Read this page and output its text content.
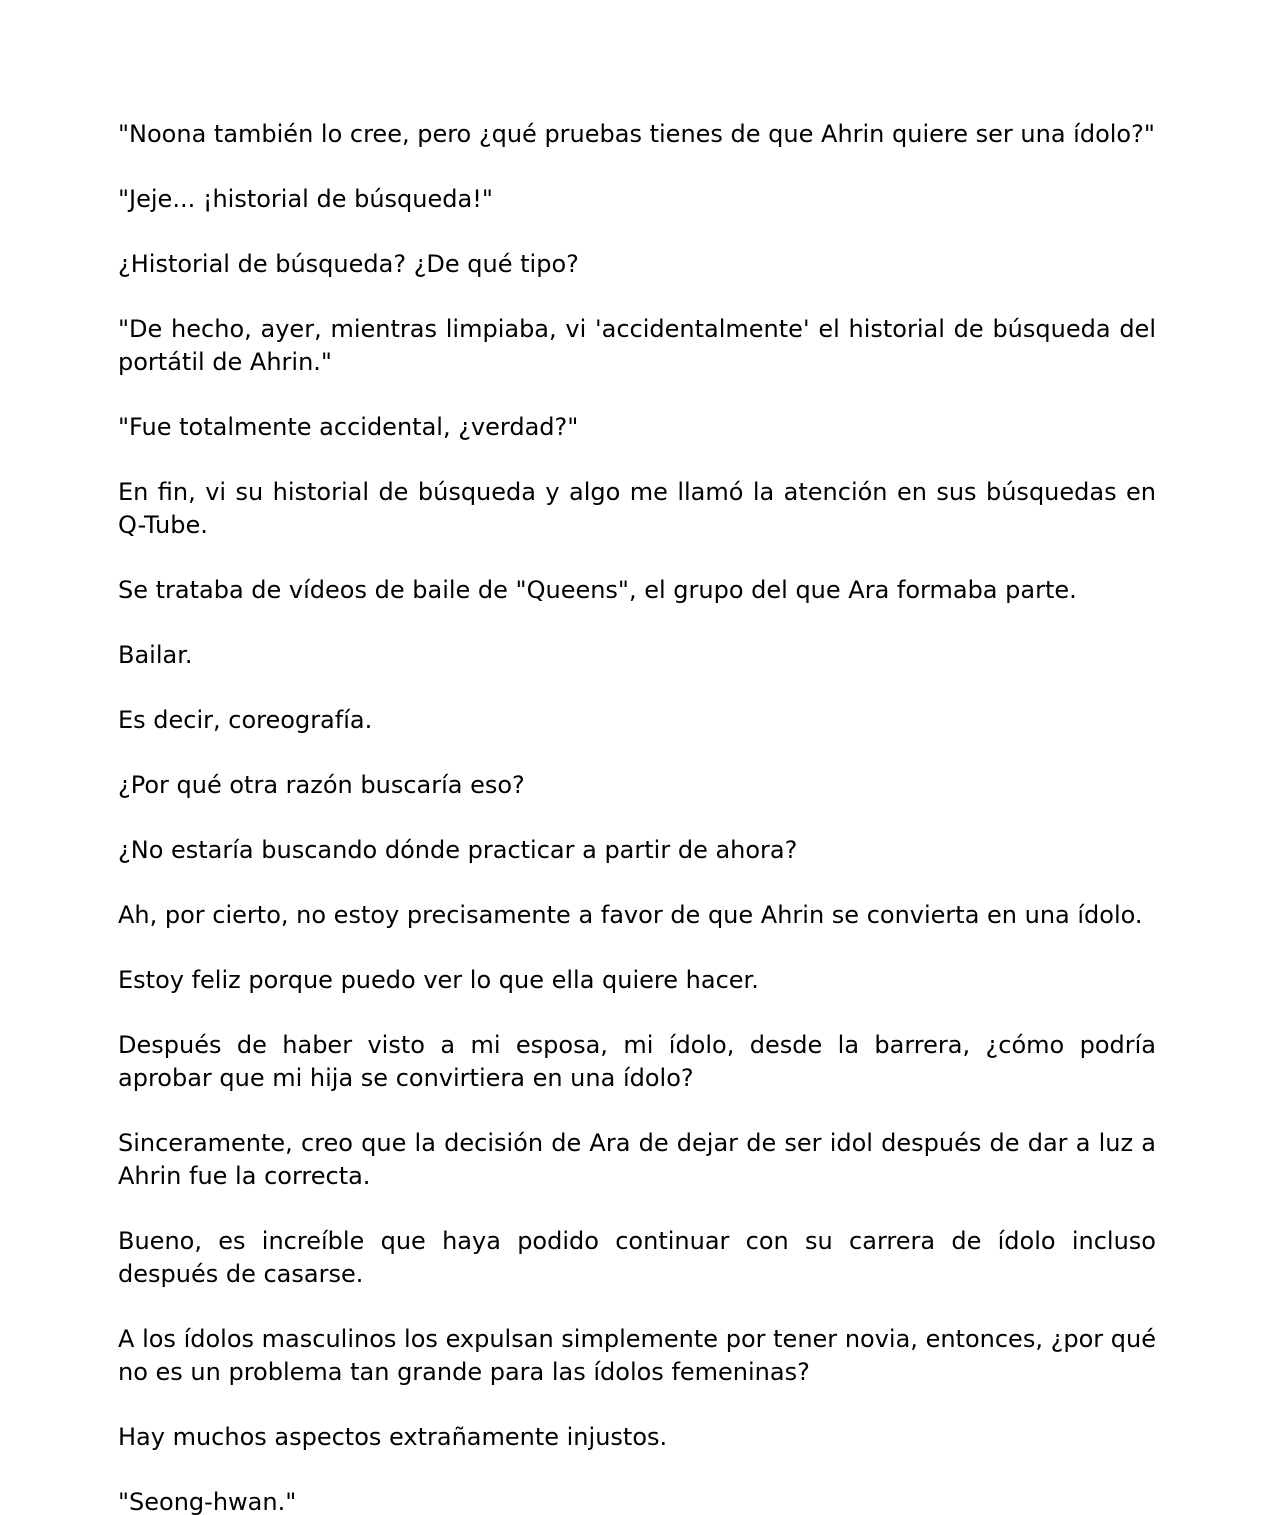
"Noona también lo cree, pero ¿qué pruebas tienes de que Ahrin quiere ser una ídolo?"

"Jeje... ¡historial de búsqueda!"

¿Historial de búsqueda? ¿De qué tipo?

"De hecho, ayer, mientras limpiaba, vi 'accidentalmente' el historial de búsqueda del portátil de Ahrin."

"Fue totalmente accidental, ¿verdad?"

En fin, vi su historial de búsqueda y algo me llamó la atención en sus búsquedas en Q-Tube.

Se trataba de vídeos de baile de "Queens", el grupo del que Ara formaba parte.

Bailar.

Es decir, coreografía.

¿Por qué otra razón buscaría eso?

¿No estaría buscando dónde practicar a partir de ahora?

Ah, por cierto, no estoy precisamente a favor de que Ahrin se convierta en una ídolo.

Estoy feliz porque puedo ver lo que ella quiere hacer.

Después de haber visto a mi esposa, mi ídolo, desde la barrera, ¿cómo podría aprobar que mi hija se convirtiera en una ídolo?

Sinceramente, creo que la decisión de Ara de dejar de ser idol después de dar a luz a Ahrin fue la correcta.

Bueno, es increíble que haya podido continuar con su carrera de ídolo incluso después de casarse.

A los ídolos masculinos los expulsan simplemente por tener novia, entonces, ¿por qué no es un problema tan grande para las ídolos femeninas?

Hay muchos aspectos extrañamente injustos.

"Seong-hwan."
